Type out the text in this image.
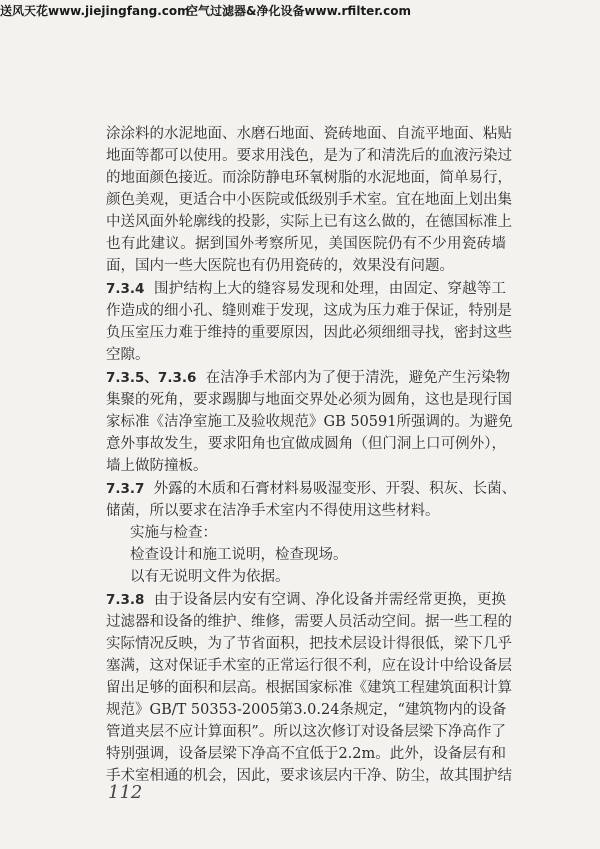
送风天花www.jiejingfang.com
空气过滤器&净化设备www.rfilter.com
涂涂料的水泥地面、水磨石地面、瓷砖地面、自流平地面、粘贴
地面等都可以使用。要求用浅色，是为了和清洗后的血液污染过
的地面颜色接近。而涂防静电环氧树脂的水泥地面，简单易行，
颜色美观，更适合中小医院或低级别手术室。宜在地面上划出集
中送风面外轮廓线的投影，实际上已有这么做的，在德国标准上
也有此建议。据到国外考察所见，美国医院仍有不少用瓷砖墙
面，国内一些大医院也有仍用瓷砖的，效果没有问题。
7.3.4 围护结构上大的缝容易发现和处理，由固定、穿越等工
作造成的细小孔、缝则难于发现，这成为压力难于保证，特别是
负压室压力难于维持的重要原因，因此必须细细寻找，密封这些
空隙。
7.3.5、7.3.6 在洁净手术部内为了便于清洗，避免产生污染物
集聚的死角，要求踢脚与地面交界处必须为圆角，这也是现行国
家标准《洁净室施工及验收规范》GB 50591所强调的。为避免
意外事故发生，要求阳角也宜做成圆角（但门洞上口可例外），
墙上做防撞板。
7.3.7 外露的木质和石膏材料易吸湿变形、开裂、积灰、长菌、
储菌，所以要求在洁净手术室内不得使用这些材料。
实施与检查：
检查设计和施工说明，检查现场。
以有无说明文件为依据。
7.3.8 由于设备层内安有空调、净化设备并需经常更换，更换
过滤器和设备的维护、维修，需要人员活动空间。据一些工程的
实际情况反映，为了节省面积，把技术层设计得很低，梁下几乎
塞满，这对保证手术室的正常运行很不利，应在设计中给设备层
留出足够的面积和层高。根据国家标准《建筑工程建筑面积计算
规范》GB/T 50353-2005第3.0.24条规定，“建筑物内的设备
管道夹层不应计算面积”。所以这次修订对设备层梁下净高作了
特别强调，设备层梁下净高不宜低于2.2m。此外，设备层有和
手术室相通的机会，因此，要求该层内干净、防尘，故其围护结
112
